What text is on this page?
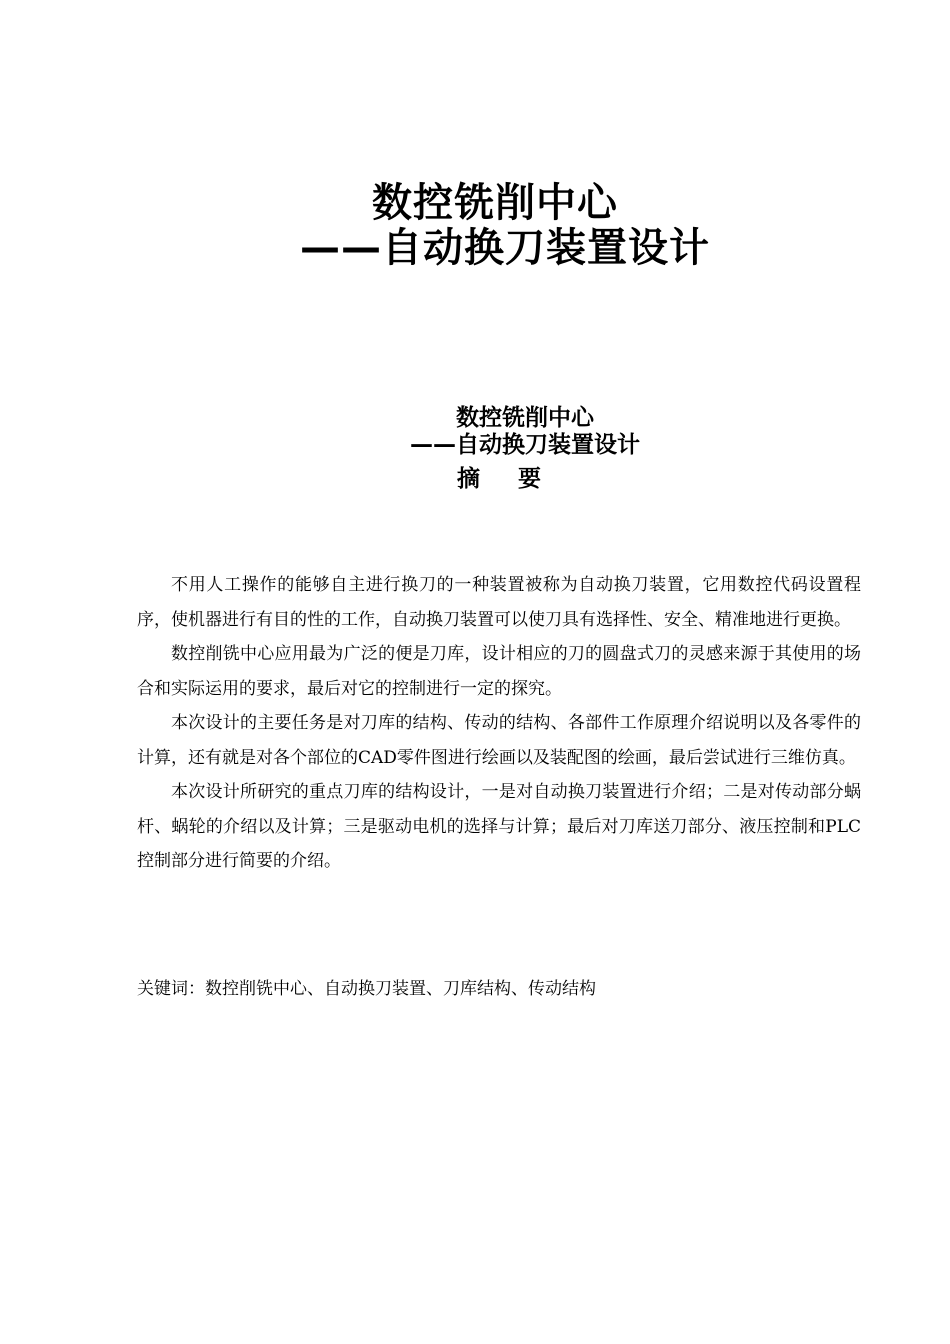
数控铣削中心
——自动换刀装置设计
数控铣削中心
——自动换刀装置设计
摘 要

不用人工操作的能够自主进行换刀的一种装置被称为自动换刀装置，它用数控代码设置程序，使机器进行有目的性的工作，自动换刀装置可以使刀具有选择性、安全、精准地进行更换。

数控削铣中心应用最为广泛的便是刀库，设计相应的刀的圆盘式刀的灵感来源于其使用的场合和实际运用的要求，最后对它的控制进行一定的探究。

本次设计的主要任务是对刀库的结构、传动的结构、各部件工作原理介绍说明以及各零件的计算，还有就是对各个部位的CAD零件图进行绘画以及装配图的绘画，最后尝试进行三维仿真。

本次设计所研究的重点刀库的结构设计，一是对自动换刀装置进行介绍；二是对传动部分蜗杆、蜗轮的介绍以及计算；三是驱动电机的选择与计算；最后对刀库送刀部分、液压控制和PLC控制部分进行简要的介绍。

关键词：数控削铣中心、自动换刀装置、刀库结构、传动结构
